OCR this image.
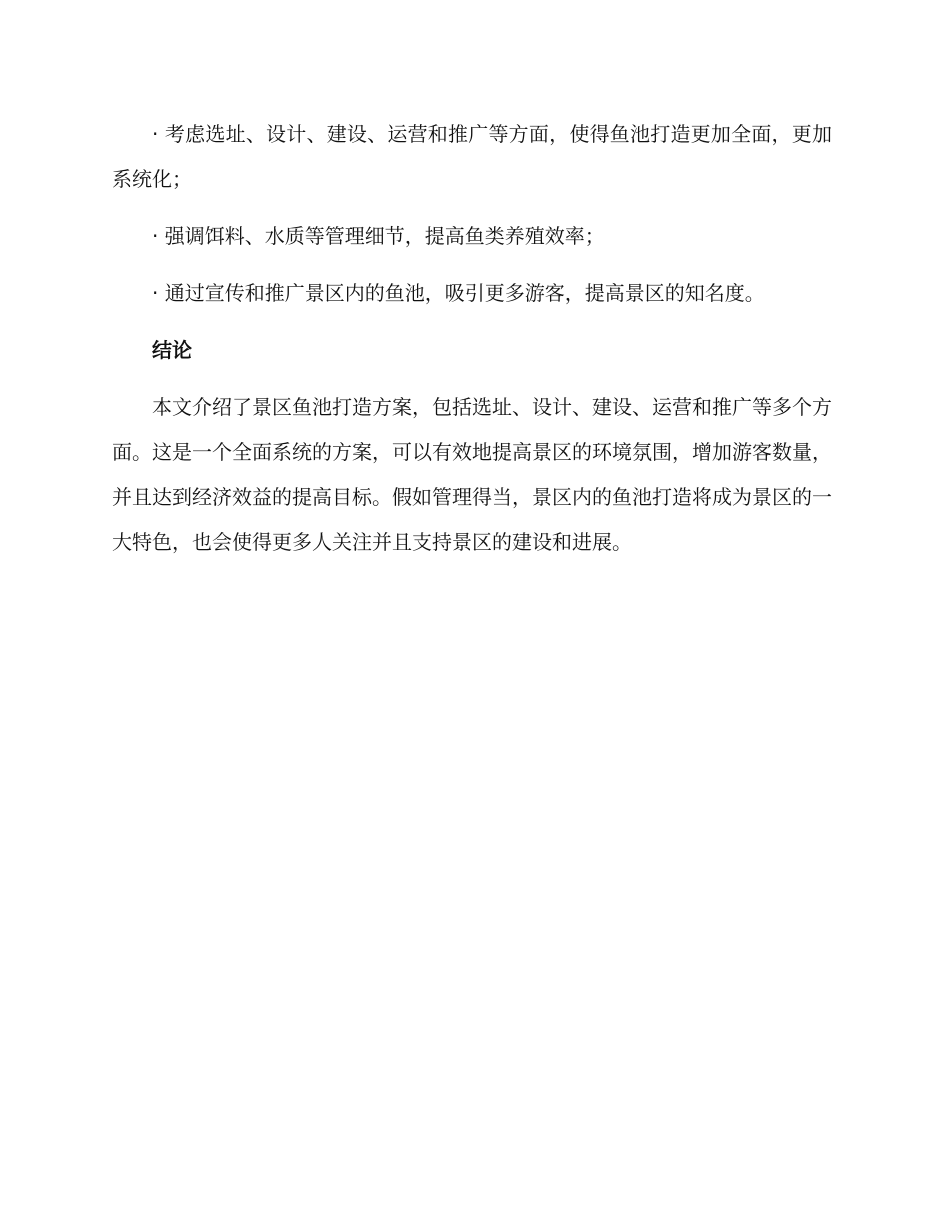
· 考虑选址、设计、建设、运营和推广等方面，使得鱼池打造更加全面，更加系统化；

· 强调饵料、水质等管理细节，提高鱼类养殖效率；

· 通过宣传和推广景区内的鱼池，吸引更多游客，提高景区的知名度。

结论

本文介绍了景区鱼池打造方案，包括选址、设计、建设、运营和推广等多个方面。这是一个全面系统的方案，可以有效地提高景区的环境氛围，增加游客数量，并且达到经济效益的提高目标。假如管理得当，景区内的鱼池打造将成为景区的一大特色，也会使得更多人关注并且支持景区的建设和进展。
